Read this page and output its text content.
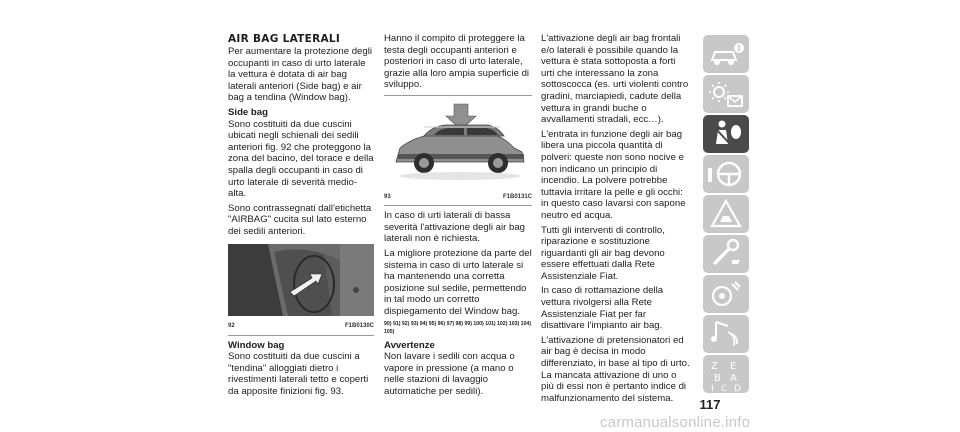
AIR BAG LATERALI

Per aumentare la protezione degli occupanti in caso di urto laterale la vettura è dotata di air bag laterali anteriori (Side bag) e air bag a tendina (Window bag).

Side bag

Sono costituiti da due cuscini ubicati negli schienali dei sedili anteriori fig. 92 che proteggono la zona del bacino, del torace e della spalla degli occupanti in caso di urto laterale di severità medio-alta.

Sono contrassegnati dall'etichetta "AIRBAG" cucita sul lato esterno dei sedili anteriori.

92	F1B0130C
Window bag

Sono costituiti da due cuscini a "tendina" alloggiati dietro i rivestimenti laterali tetto e coperti da apposite finizioni fig. 93.

Hanno il compito di proteggere la testa degli occupanti anteriori e posteriori in caso di urto laterale, grazie alla loro ampia superficie di sviluppo.

93	F1B0131C

In caso di urti laterali di bassa severità l'attivazione degli air bag laterali non è richiesta.

La migliore protezione da parte del sistema in caso di urto laterale si ha mantenendo una corretta posizione sul sedile, permettendo in tal modo un corretto dispiegamento del Window bag.

90) 91) 92) 93) 94) 95) 96) 97) 98) 99) 100) 101) 102) 103) 104) 105)
Avvertenze

Non lavare i sedili con acqua o vapore in pressione (a mano o nelle stazioni di lavaggio automatiche per sedili).

L'attivazione degli air bag frontali e/o laterali è possibile quando la vettura è stata sottoposta a forti urti che interessano la zona sottoscocca (es. urti violenti contro gradini, marciapiedi, cadute della vettura in grandi buche o avvallamenti stradali, ecc…).

L'entrata in funzione degli air bag libera una piccola quantità di polveri: queste non sono nocive e non indicano un principio di incendio. La polvere potrebbe tuttavia irritare la pelle e gli occhi: in questo caso lavarsi con sapone neutro ed acqua.

Tutti gli interventi di controllo, riparazione e sostituzione riguardanti gli air bag devono essere effettuati dalla Rete Assistenziale Fiat.

In caso di rottamazione della vettura rivolgersi alla Rete Assistenziale Fiat per far disattivare l'impianto air bag.

L'attivazione di pretensionatori ed air bag è decisa in modo differenziato, in base al tipo di urto. La mancata attivazione di uno o più di essi non è pertanto indice di malfunzionamento del sistema.

Z E
B A
I C D
117
carmanualsonline.info
